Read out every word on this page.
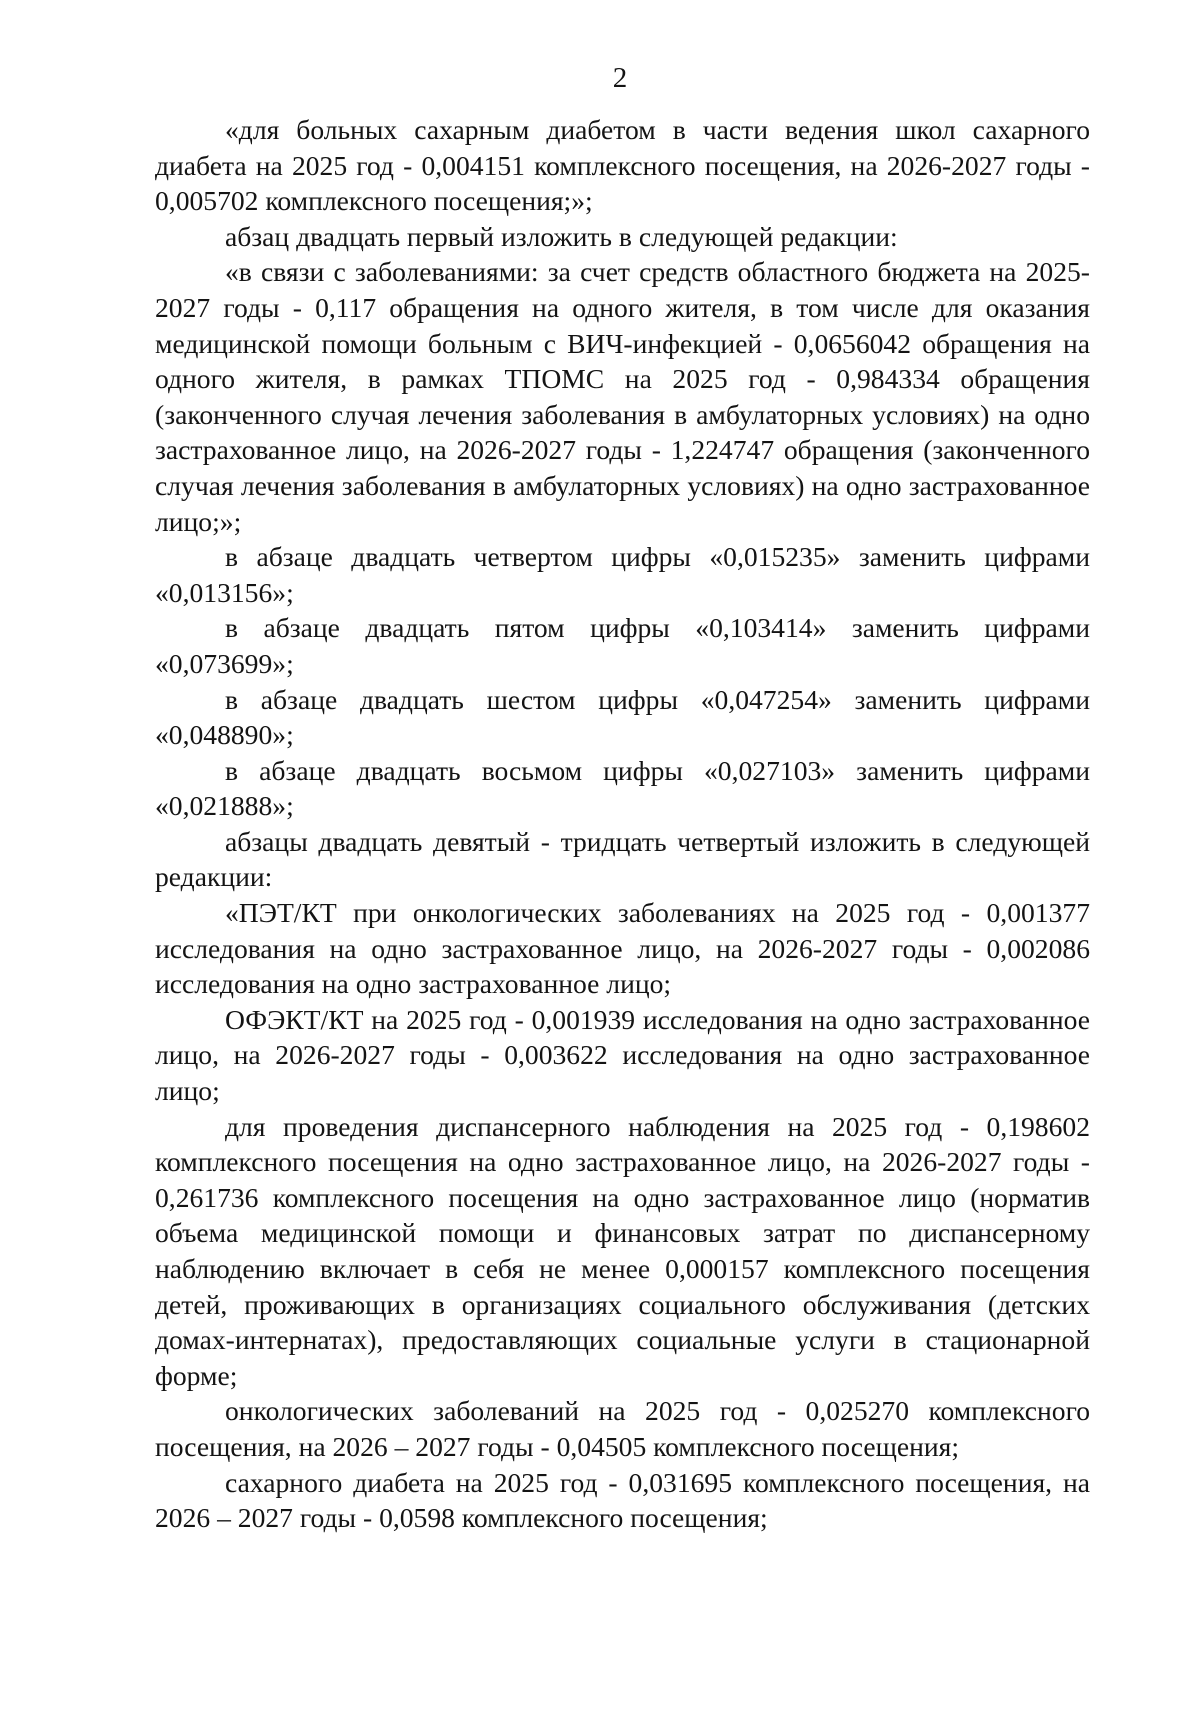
2

«для больных сахарным диабетом в части ведения школ сахарного диабета на 2025 год - 0,004151 комплексного посещения, на 2026-2027 годы - 0,005702 комплексного посещения;»;

абзац двадцать первый изложить в следующей редакции:

«в связи с заболеваниями: за счет средств областного бюджета на 2025-2027 годы - 0,117 обращения на одного жителя, в том числе для оказания медицинской помощи больным с ВИЧ-инфекцией - 0,0656042 обращения на одного жителя, в рамках ТПОМС на 2025 год - 0,984334 обращения (законченного случая лечения заболевания в амбулаторных условиях) на одно застрахованное лицо, на 2026-2027 годы - 1,224747 обращения (законченного случая лечения заболевания в амбулаторных условиях) на одно застрахованное лицо;»;

в абзаце двадцать четвертом цифры «0,015235» заменить цифрами «0,013156»;

в абзаце двадцать пятом цифры «0,103414» заменить цифрами «0,073699»;

в абзаце двадцать шестом цифры «0,047254» заменить цифрами «0,048890»;

в абзаце двадцать восьмом цифры «0,027103» заменить цифрами «0,021888»;

абзацы двадцать девятый - тридцать четвертый изложить в следующей редакции:

«ПЭТ/КТ при онкологических заболеваниях на 2025 год - 0,001377 исследования на одно застрахованное лицо, на 2026-2027 годы - 0,002086 исследования на одно застрахованное лицо;

ОФЭКТ/КТ на 2025 год - 0,001939 исследования на одно застрахованное лицо, на 2026-2027 годы - 0,003622 исследования на одно застрахованное лицо;

для проведения диспансерного наблюдения на 2025 год - 0,198602 комплексного посещения на одно застрахованное лицо, на 2026-2027 годы - 0,261736 комплексного посещения на одно застрахованное лицо (норматив объема медицинской помощи и финансовых затрат по диспансерному наблюдению включает в себя не менее 0,000157 комплексного посещения детей, проживающих в организациях социального обслуживания (детских домах-интернатах), предоставляющих социальные услуги в стационарной форме;

онкологических заболеваний на 2025 год - 0,025270 комплексного посещения, на 2026 – 2027 годы - 0,04505 комплексного посещения;

сахарного диабета на 2025 год - 0,031695 комплексного посещения, на 2026 – 2027 годы - 0,0598 комплексного посещения;
